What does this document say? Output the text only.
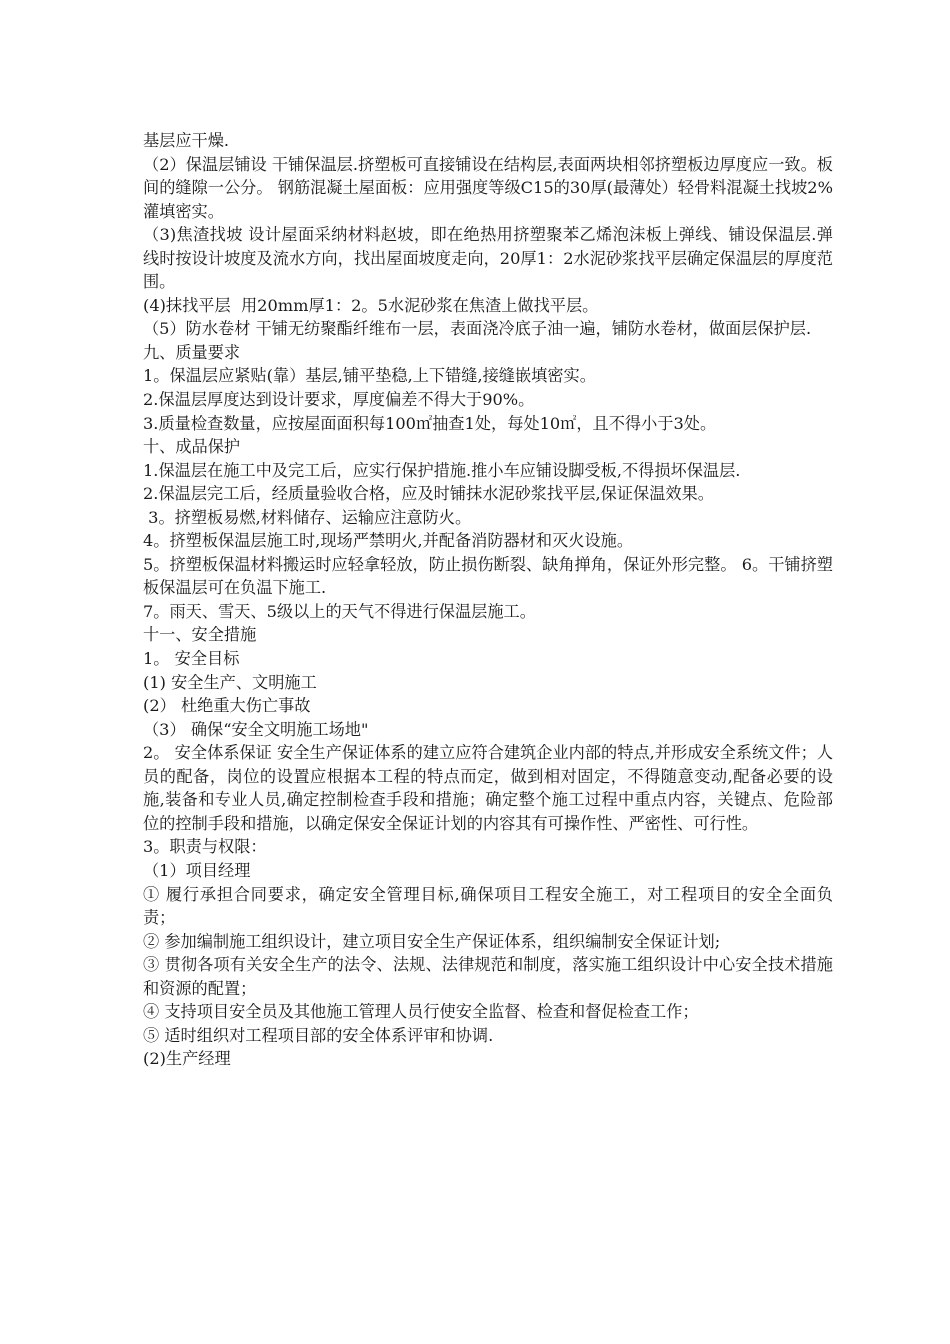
基层应干燥.

（2）保温层铺设 干铺保温层.挤塑板可直接铺设在结构层,表面两块相邻挤塑板边厚度应一致。板间的缝隙一公分。 钢筋混凝土屋面板：应用强度等级C15的30厚(最薄处）轻骨料混凝土找坡2%灌填密实。

（3)焦渣找坡 设计屋面采纳材料赵坡，即在绝热用挤塑聚苯乙烯泡沫板上弹线、铺设保温层.弹线时按设计坡度及流水方向，找出屋面坡度走向，20厚1：2水泥砂浆找平层确定保温层的厚度范围。

(4)抹找平层  用20mm厚1：2。5水泥砂浆在焦渣上做找平层。

（5）防水卷材 干铺无纺聚酯纤维布一层，表面浇冷底子油一遍，铺防水卷材，做面层保护层.

九、质量要求

1。保温层应紧贴(靠）基层,铺平垫稳,上下错缝,接缝嵌填密实。

2.保温层厚度达到设计要求，厚度偏差不得大于90%。

3.质量检查数量，应按屋面面积每100㎡抽查1处，每处10㎡，且不得小于3处。

十、成品保护

1.保温层在施工中及完工后，应实行保护措施.推小车应铺设脚受板,不得损坏保温层.

2.保温层完工后，经质量验收合格，应及时铺抹水泥砂浆找平层,保证保温效果。

3。挤塑板易燃,材料储存、运输应注意防火。

4。挤塑板保温层施工时,现场严禁明火,并配备消防器材和灭火设施。

5。挤塑板保温材料搬运时应轻拿轻放，防止损伤断裂、缺角掸角，保证外形完整。 6。干铺挤塑板保温层可在负温下施工.

7。雨天、雪天、5级以上的天气不得进行保温层施工。

十一、安全措施

1。 安全目标

(1) 安全生产、文明施工

(2） 杜绝重大伤亡事故

（3） 确保“安全文明施工场地"

2。 安全体系保证 安全生产保证体系的建立应符合建筑企业内部的特点,并形成安全系统文件；人员的配备，岗位的设置应根据本工程的特点而定，做到相对固定，不得随意变动,配备必要的设施,装备和专业人员,确定控制检查手段和措施；确定整个施工过程中重点内容，关键点、危险部位的控制手段和措施，以确定保安全保证计划的内容其有可操作性、严密性、可行性。

3。职责与权限：

（1）项目经理

① 履行承担合同要求，确定安全管理目标,确保项目工程安全施工，对工程项目的安全全面负责；

② 参加编制施工组织设计，建立项目安全生产保证体系，组织编制安全保证计划;

③ 贯彻各项有关安全生产的法令、法规、法律规范和制度，落实施工组织设计中心安全技术措施和资源的配置；

④ 支持项目安全员及其他施工管理人员行使安全监督、检查和督促检查工作；

⑤ 适时组织对工程项目部的安全体系评审和协调.

(2)生产经理
